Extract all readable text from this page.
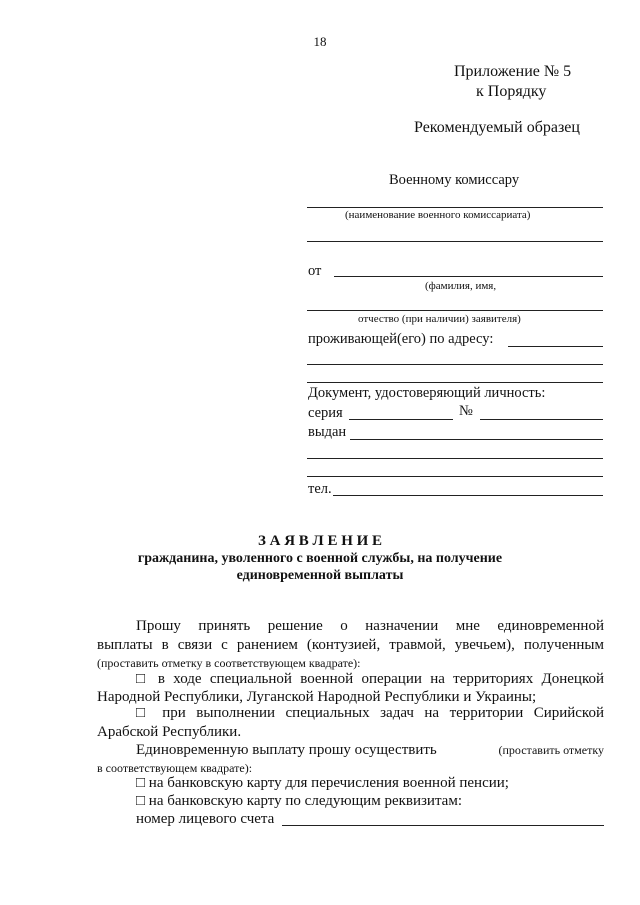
18
Приложение № 5
к Порядку
Рекомендуемый образец
Военному комиссару
(наименование военного комиссариата)
от
(фамилия, имя,
отчество (при наличии) заявителя)
проживающей(его) по адресу:
Документ, удостоверяющий личность:
серия	№
выдан
тел.
З А Я В Л Е Н И Е
гражданина, уволенного с военной службы, на получение
единовременной выплаты
Прошу принять решение о назначении мне единовременной
выплаты в связи с ранением (контузией, травмой, увечьем), полученным
(проставить отметку в соответствующем квадрате):
□ в ходе специальной военной операции на территориях Донецкой
Народной Республики, Луганской Народной Республики и Украины;
□ при выполнении специальных задач на территории Сирийской
Арабской Республики.
Единовременную выплату прошу осуществить	(проставить отметку
в соответствующем квадрате):
□ на банковскую карту для перечисления военной пенсии;
□ на банковскую карту по следующим реквизитам:
номер лицевого счета
